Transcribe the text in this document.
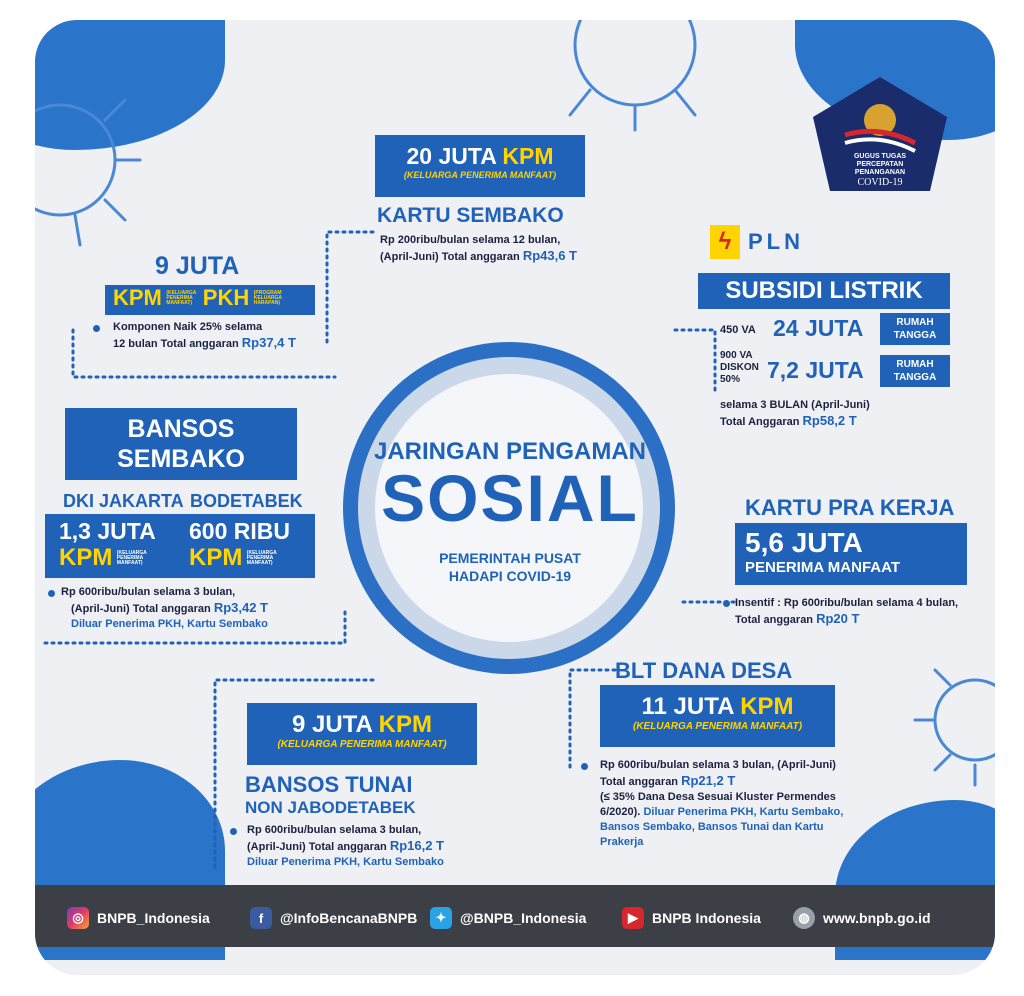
JARINGAN PENGAMAN
SOSIAL
PEMERINTAH PUSAT
HADAPI COVID-19
GUGUS TUGAS
PERCEPATAN
PENANGANAN
COVID-19
20 JUTA KPM
(KELUARGA PENERIMA MANFAAT)
KARTU SEMBAKO
Rp 200ribu/bulan selama 12 bulan,
(April-Juni) Total anggaran Rp43,6 T
9 JUTA
KPM (KELUARGA PENERIMA MANFAAT) PKH (PROGRAM KELUARGA HARAPAN)
Komponen Naik 25% selama
12 bulan Total anggaran Rp37,4 T
ϟ PLN
SUBSIDI LISTRIK
450 VA 24 JUTA	RUMAH
TANGGA
900 VA
DISKON
50%	7,2 JUTA	RUMAH
TANGGA
selama 3 BULAN (April-Juni)
Total Anggaran Rp58,2 T
BANSOS
SEMBAKO
DKI JAKARTA BODETABEK
1,3 JUTA 600 RIBU
KPM (KELUARGA PENERIMA MANFAAT)	KPM (KELUARGA PENERIMA MANFAAT)
Rp 600ribu/bulan selama 3 bulan,
(April-Juni) Total anggaran Rp3,42 T
Diluar Penerima PKH, Kartu Sembako
KARTU PRA KERJA
5,6 JUTA
PENERIMA MANFAAT
Insentif : Rp 600ribu/bulan selama 4 bulan,
Total anggaran Rp20 T
BLT DANA DESA
11 JUTA KPM
(KELUARGA PENERIMA MANFAAT)
Rp 600ribu/bulan selama 3 bulan, (April-Juni)
Total anggaran Rp21,2 T
(≤ 35% Dana Desa Sesuai Kluster Permendes
6/2020). Diluar Penerima PKH, Kartu Sembako,
Bansos Sembako, Bansos Tunai dan Kartu
Prakerja
9 JUTA KPM
(KELUARGA PENERIMA MANFAAT)
BANSOS TUNAI
NON JABODETABEK
Rp 600ribu/bulan selama 3 bulan,
(April-Juni) Total anggaran Rp16,2 T
Diluar Penerima PKH, Kartu Sembako
◎ BNPB_Indonesia	f	@InfoBencanaBNPB	✦ @BNPB_Indonesia	▶	BNPB Indonesia	◍ www.bnpb.go.id
